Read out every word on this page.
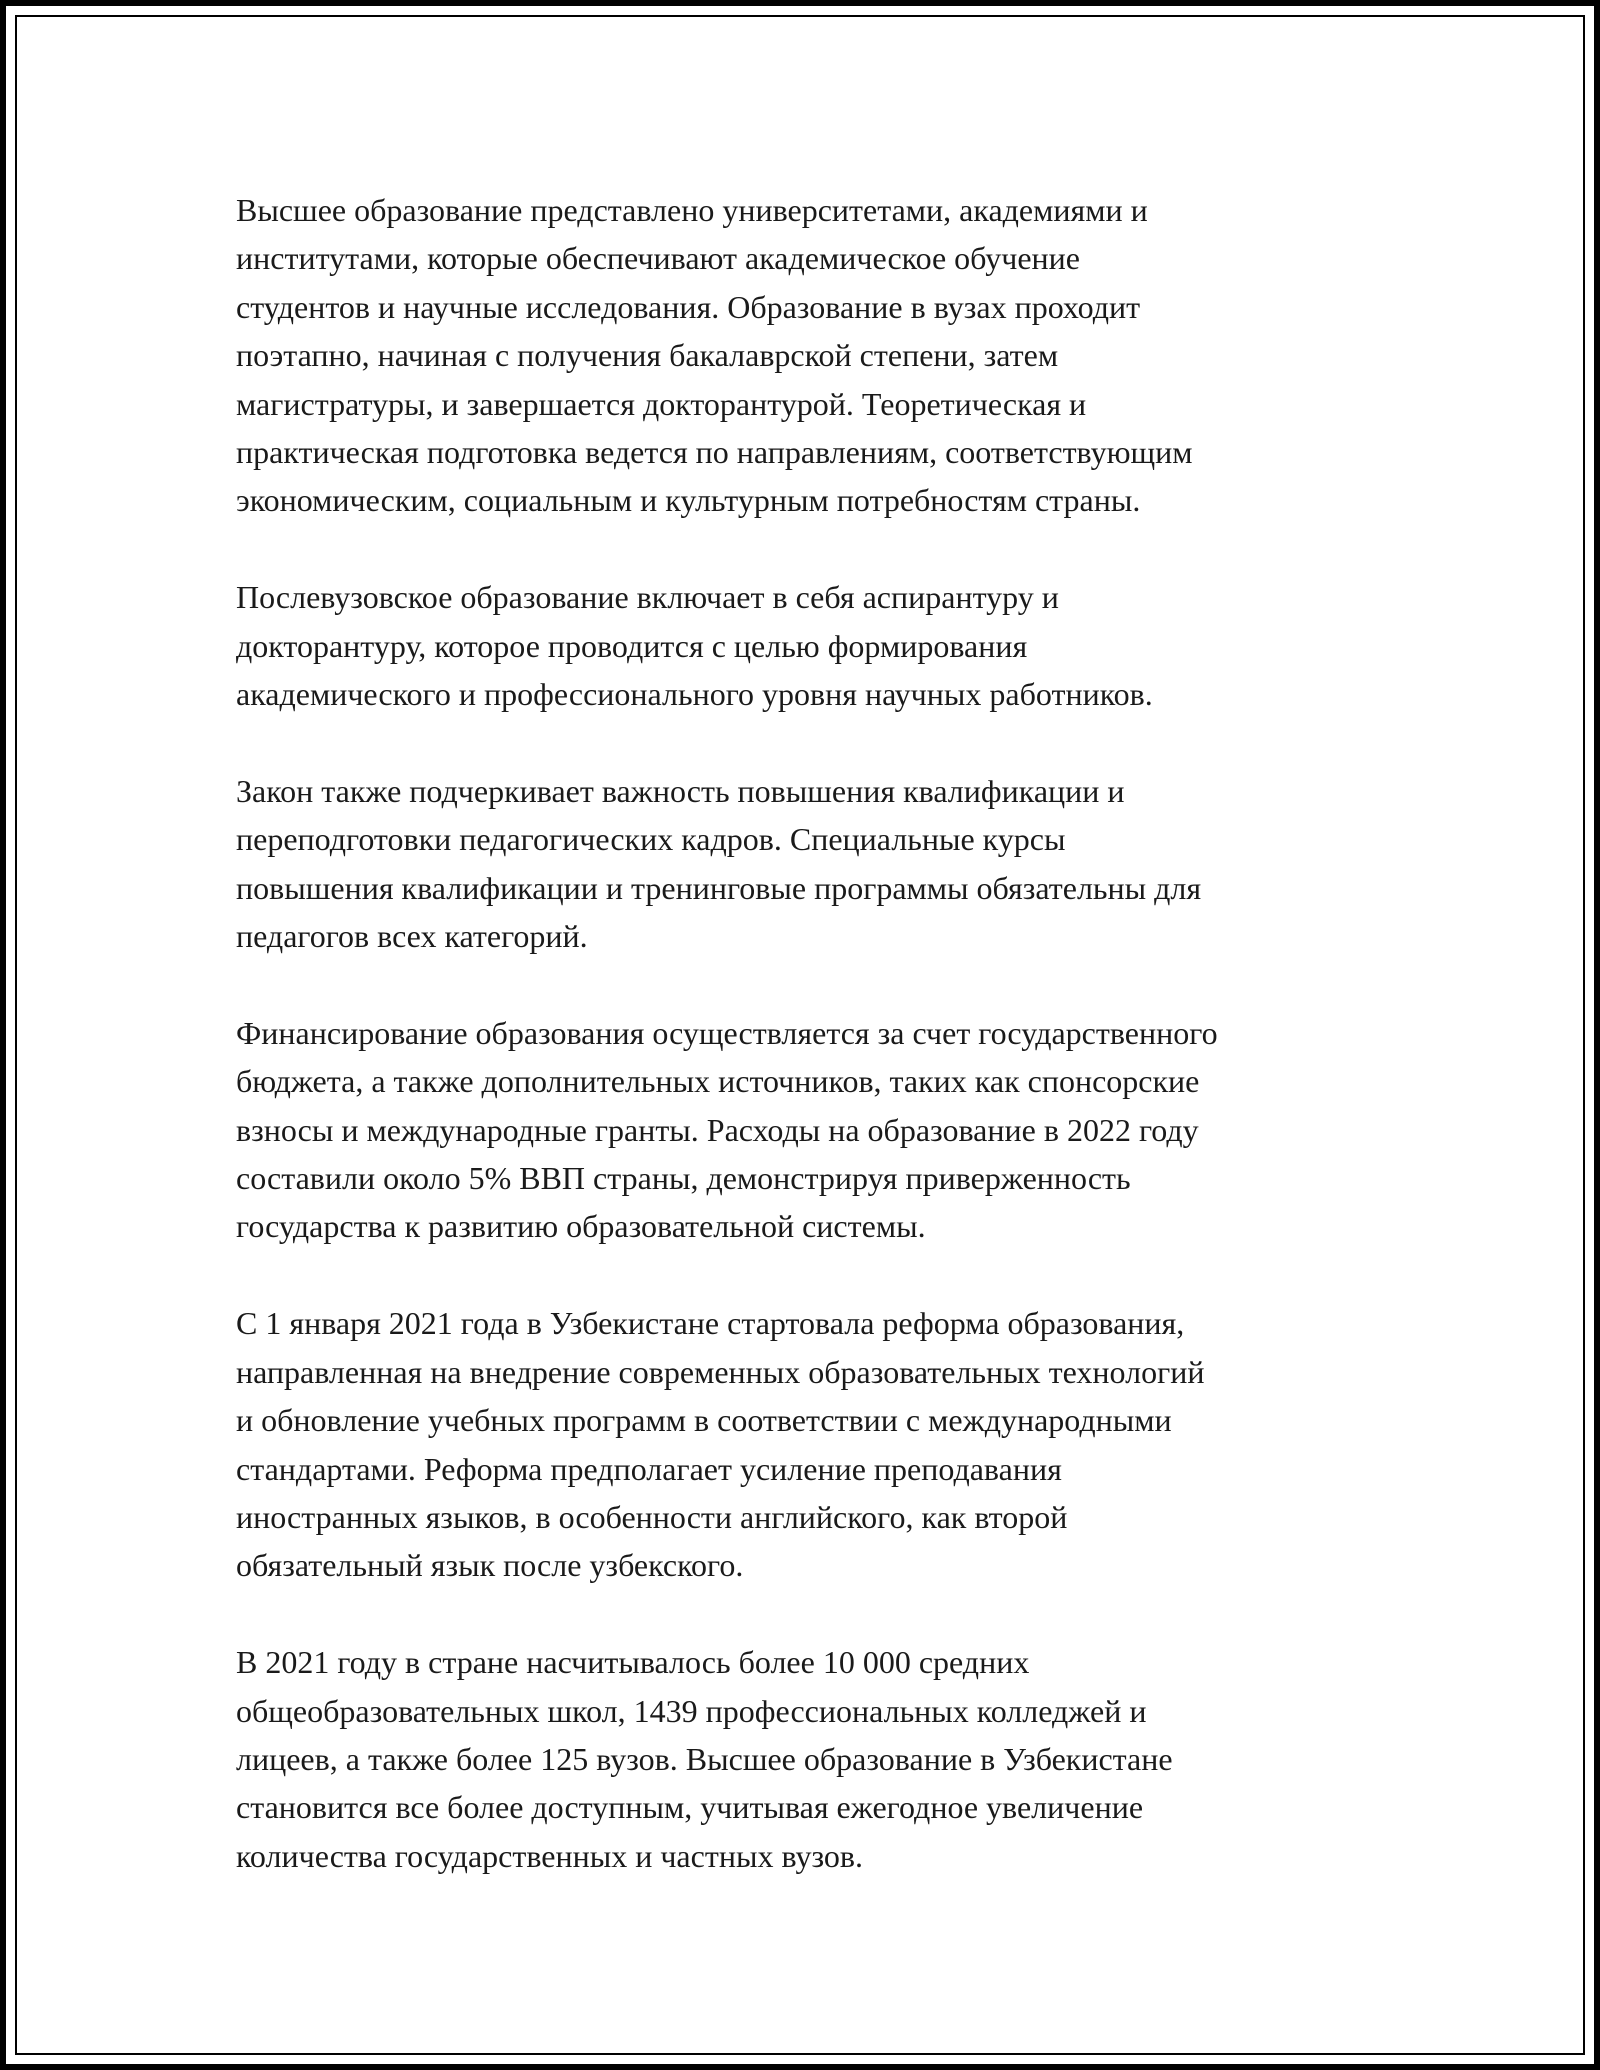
Высшее образование представлено университетами, академиями и
институтами, которые обеспечивают академическое обучение
студентов и научные исследования. Образование в вузах проходит
поэтапно, начиная с получения бакалаврской степени, затем
магистратуры, и завершается докторантурой. Теоретическая и
практическая подготовка ведется по направлениям, соответствующим
экономическим, социальным и культурным потребностям страны.

Послевузовское образование включает в себя аспирантуру и
докторантуру, которое проводится с целью формирования
академического и профессионального уровня научных работников.

Закон также подчеркивает важность повышения квалификации и
переподготовки педагогических кадров. Специальные курсы
повышения квалификации и тренинговые программы обязательны для
педагогов всех категорий.

Финансирование образования осуществляется за счет государственного
бюджета, а также дополнительных источников, таких как спонсорские
взносы и международные гранты. Расходы на образование в 2022 году
составили около 5% ВВП страны, демонстрируя приверженность
государства к развитию образовательной системы.

С 1 января 2021 года в Узбекистане стартовала реформа образования,
направленная на внедрение современных образовательных технологий
и обновление учебных программ в соответствии с международными
стандартами. Реформа предполагает усиление преподавания
иностранных языков, в особенности английского, как второй
обязательный язык после узбекского.

В 2021 году в стране насчитывалось более 10 000 средних
общеобразовательных школ, 1439 профессиональных колледжей и
лицеев, а также более 125 вузов. Высшее образование в Узбекистане
становится все более доступным, учитывая ежегодное увеличение
количества государственных и частных вузов.
